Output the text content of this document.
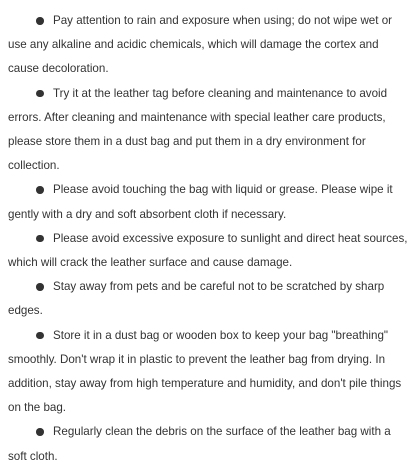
Pay attention to rain and exposure when using; do not wipe wet or use any alkaline and acidic chemicals, which will damage the cortex and cause decoloration.
Try it at the leather tag before cleaning and maintenance to avoid errors. After cleaning and maintenance with special leather care products, please store them in a dust bag and put them in a dry environment for collection.
Please avoid touching the bag with liquid or grease. Please wipe it gently with a dry and soft absorbent cloth if necessary.
Please avoid excessive exposure to sunlight and direct heat sources, which will crack the leather surface and cause damage.
Stay away from pets and be careful not to be scratched by sharp edges.
Store it in a dust bag or wooden box to keep your bag "breathing" smoothly. Don't wrap it in plastic to prevent the leather bag from drying. In addition, stay away from high temperature and humidity, and don't pile things on the bag.
Regularly clean the debris on the surface of the leather bag with a soft cloth.
